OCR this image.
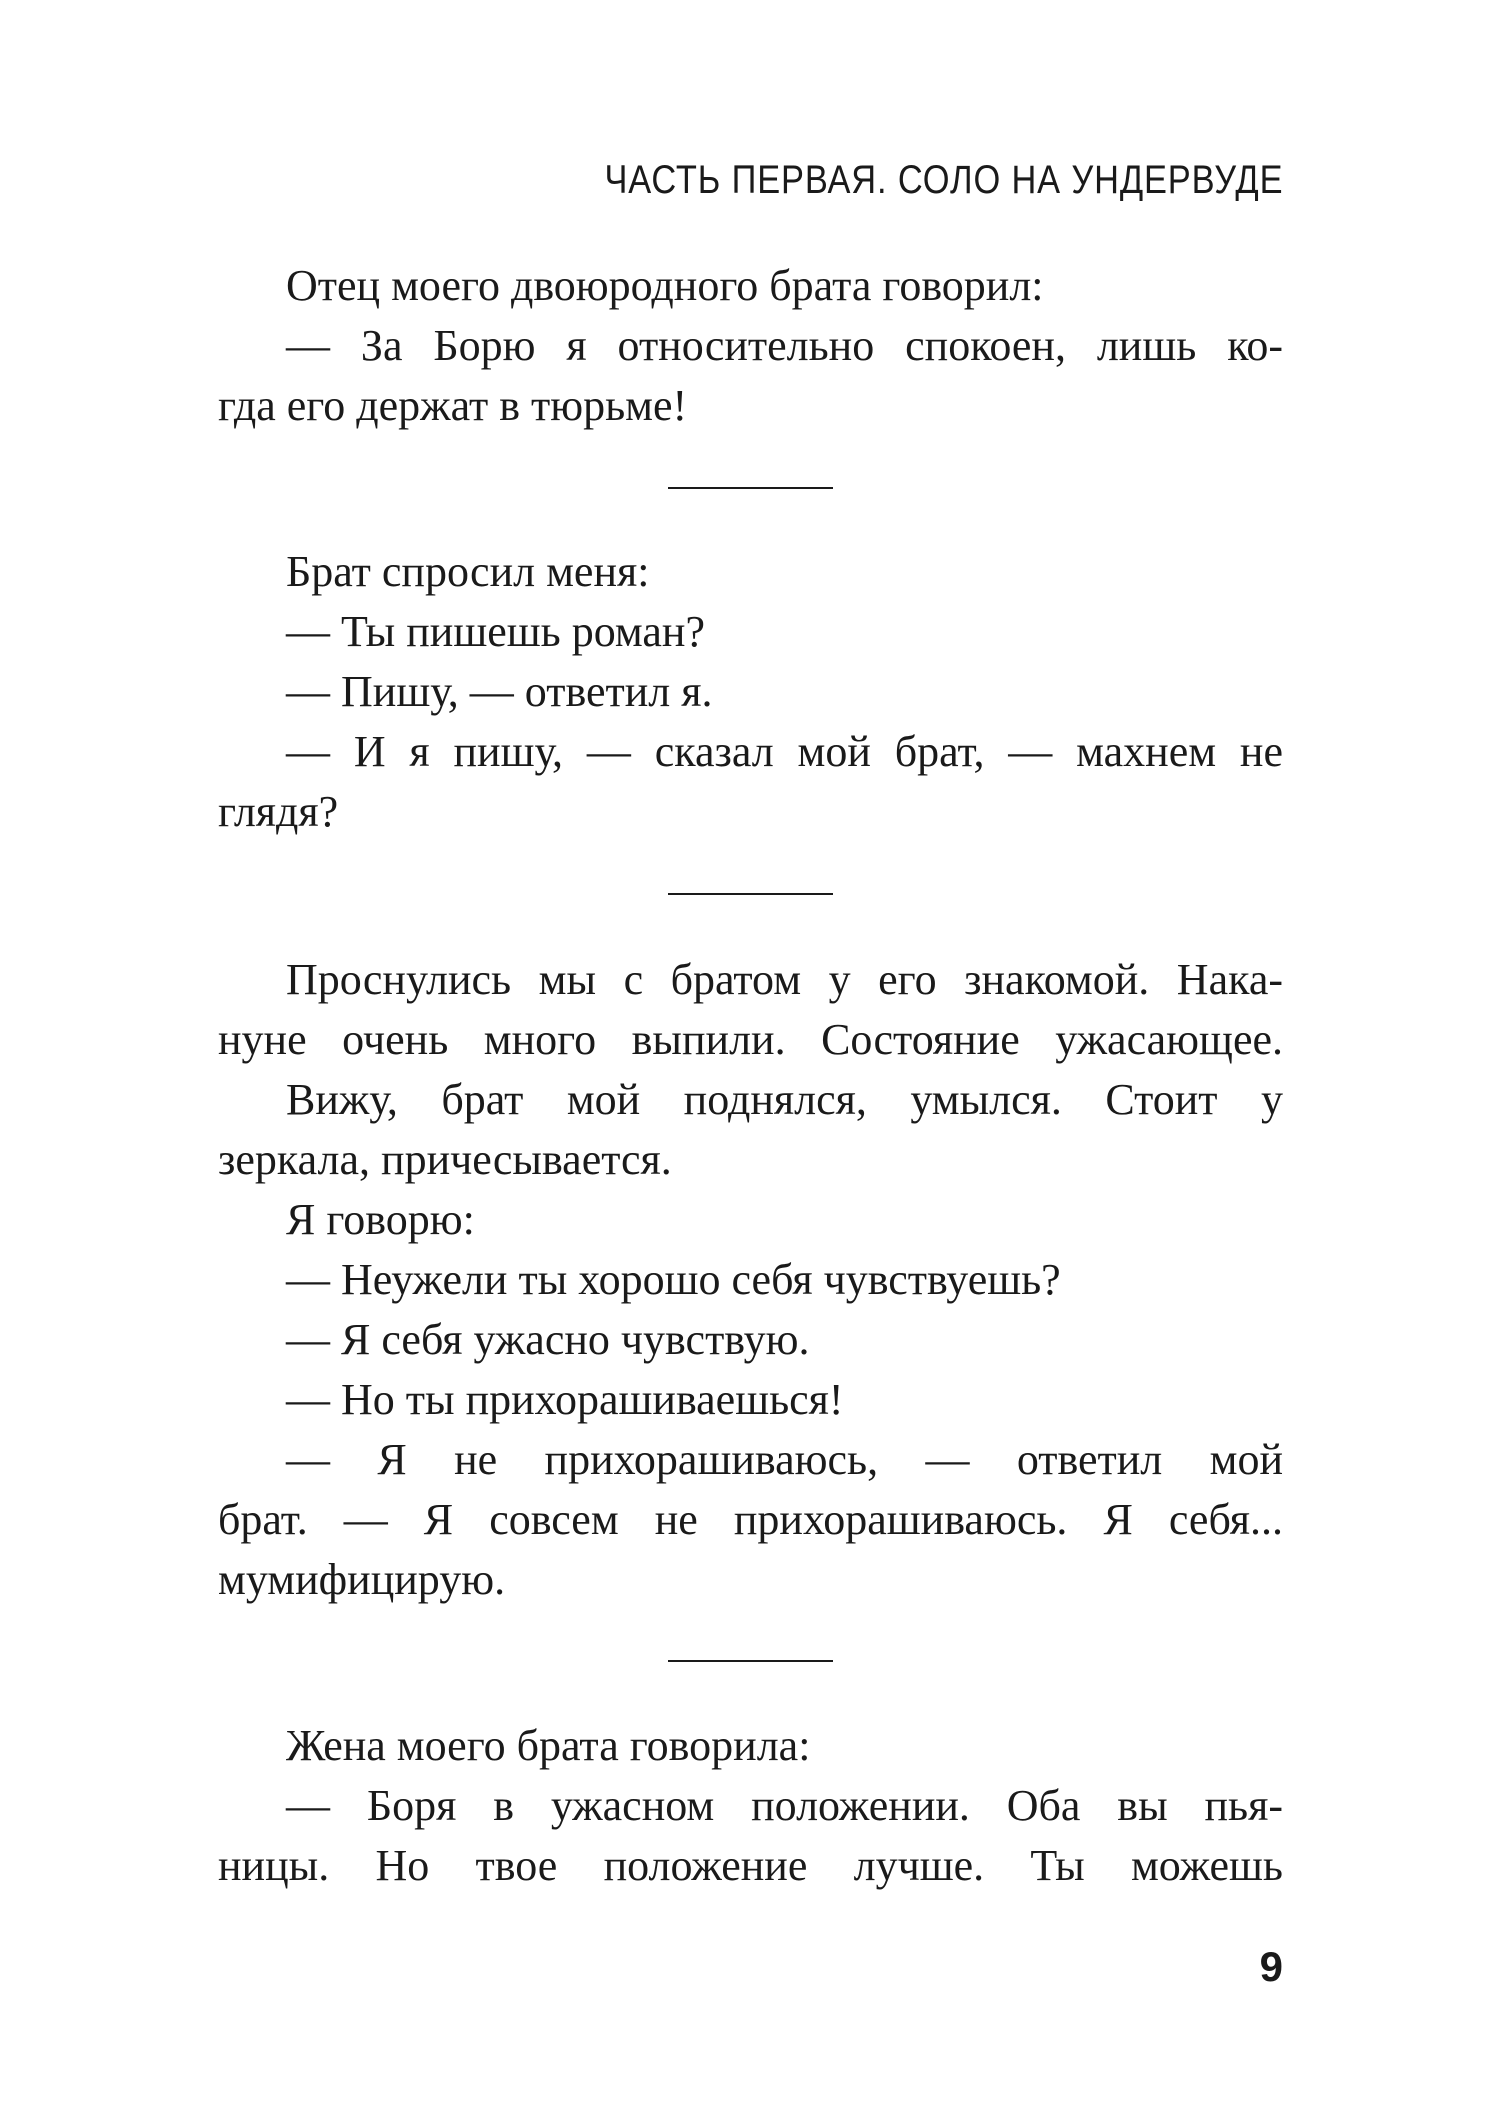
ЧАСТЬ ПЕРВАЯ. СОЛО НА УНДЕРВУДЕ
Отец моего двоюродного брата говорил:
— За Борю я относительно спокоен, лишь ко-
гда его держат в тюрьме!
Брат спросил меня:
— Ты пишешь роман?
— Пишу, — ответил я.
— И я пишу, — сказал мой брат, — махнем не
глядя?
Проснулись мы с братом у его знакомой. Нака-
нуне очень много выпили. Состояние ужасающее.
Вижу, брат мой поднялся, умылся. Стоит у
зеркала, причесывается.
Я говорю:
— Неужели ты хорошо себя чувствуешь?
— Я себя ужасно чувствую.
— Но ты прихорашиваешься!
— Я не прихорашиваюсь, — ответил мой
брат. — Я совсем не прихорашиваюсь. Я себя...
мумифицирую.
Жена моего брата говорила:
— Боря в ужасном положении. Оба вы пья-
ницы. Но твое положение лучше. Ты можешь
9
